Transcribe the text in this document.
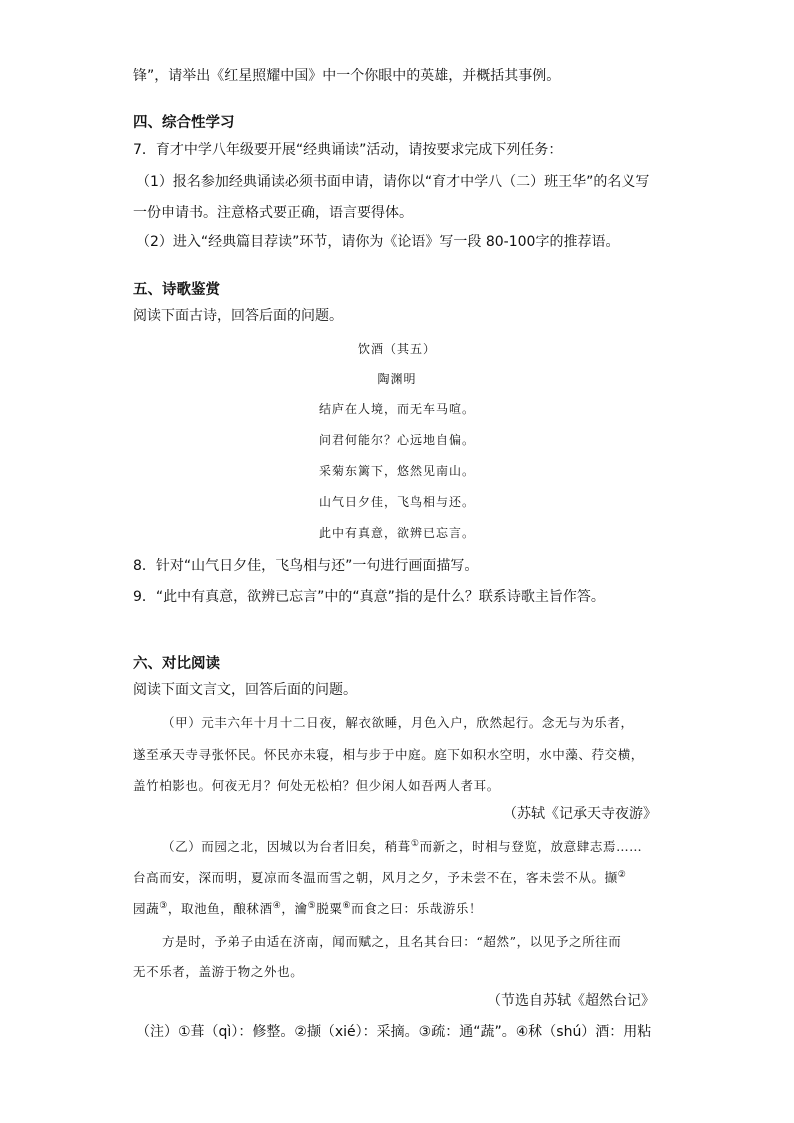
锋”，请举出《红星照耀中国》中一个你眼中的英雄，并概括其事例。
四、综合性学习
7．育才中学八年级要开展“经典诵读”活动，请按要求完成下列任务：
（1）报名参加经典诵读必须书面申请，请你以“育才中学八（二）班王华”的名义写
一份申请书。注意格式要正确，语言要得体。
（2）进入“经典篇目荐读”环节，请你为《论语》写一段 80-100字的推荐语。
五、诗歌鉴赏
阅读下面古诗，回答后面的问题。
饮酒（其五）
陶渊明
结庐在人境，而无车马喧。
问君何能尔？心远地自偏。
采菊东篱下，悠然见南山。
山气日夕佳，飞鸟相与还。
此中有真意，欲辨已忘言。
8．针对“山气日夕佳，飞鸟相与还”一句进行画面描写。
9．“此中有真意，欲辨已忘言”中的“真意”指的是什么？联系诗歌主旨作答。
六、对比阅读
阅读下面文言文，回答后面的问题。
（甲）元丰六年十月十二日夜，解衣欲睡，月色入户，欣然起行。念无与为乐者，
遂至承天寺寻张怀民。怀民亦未寝，相与步于中庭。庭下如积水空明，水中藻、荇交横，
盖竹柏影也。何夜无月？何处无松柏？但少闲人如吾两人者耳。
（苏轼《记承天寺夜游》
（乙）而园之北，因城以为台者旧矣，稍葺①而新之，时相与登览，放意肆志焉……
台高而安，深而明，夏凉而冬温而雪之朝，风月之夕，予未尝不在，客未尝不从。撷②
园蔬③，取池鱼，酿秫酒④，瀹⑤脱粟⑥而食之曰：乐哉游乐！
方是时，予弟子由适在济南，闻而赋之，且名其台曰：“超然”，以见予之所往而
无不乐者，盖游于物之外也。
（节选自苏轼《超然台记》
（注）①葺（qì）：修整。②撷（xié）：采摘。③疏：通“蔬”。④秫（shú）酒：用粘
